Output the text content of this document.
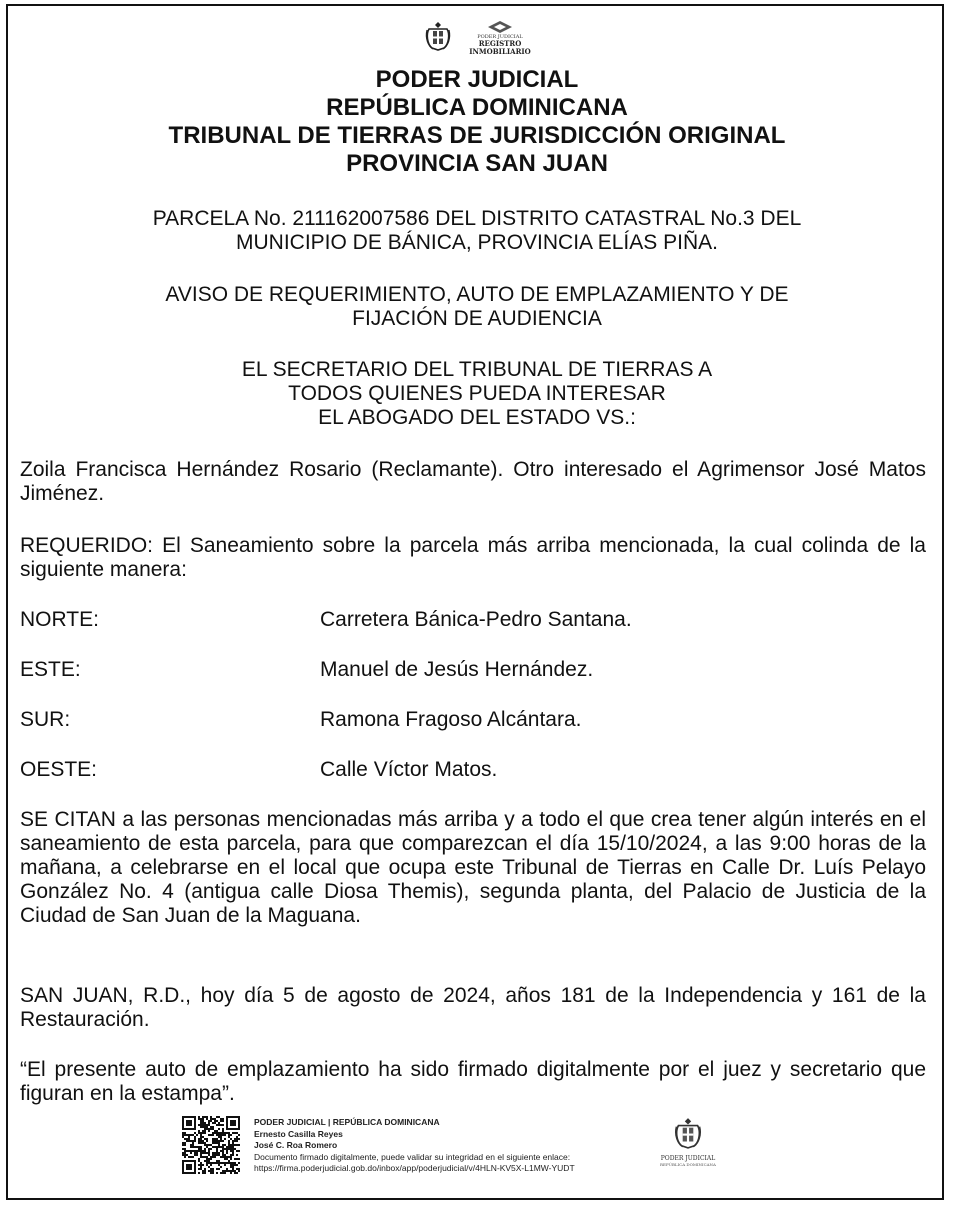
PODER JUDICIAL
REGISTRO
INMOBILIARIO
PODER JUDICIAL
REPÚBLICA DOMINICANA
TRIBUNAL DE TIERRAS DE JURISDICCIÓN ORIGINAL
PROVINCIA SAN JUAN
PARCELA No. 211162007586 DEL DISTRITO CATASTRAL No.3 DEL
MUNICIPIO DE BÁNICA, PROVINCIA ELÍAS PIÑA.
AVISO DE REQUERIMIENTO, AUTO DE EMPLAZAMIENTO Y DE
FIJACIÓN DE AUDIENCIA
EL SECRETARIO DEL TRIBUNAL DE TIERRAS A
TODOS QUIENES PUEDA INTERESAR
EL ABOGADO DEL ESTADO VS.:
Zoila Francisca Hernández Rosario (Reclamante). Otro interesado el Agrimensor José Matos Jiménez.
REQUERIDO: El Saneamiento sobre la parcela más arriba mencionada, la cual colinda de la siguiente manera:
NORTE:	Carretera Bánica-Pedro Santana.
ESTE:	Manuel de Jesús Hernández.
SUR:	Ramona Fragoso Alcántara.
OESTE:	Calle Víctor Matos.
SE CITAN a las personas mencionadas más arriba y a todo el que crea tener algún interés en el saneamiento de esta parcela, para que comparezcan el día 15/10/2024, a las 9:00 horas de la mañana, a celebrarse en el local que ocupa este Tribunal de Tierras en Calle Dr. Luís Pelayo González No. 4 (antigua calle Diosa Themis), segunda planta, del Palacio de Justicia de la Ciudad de San Juan de la Maguana.
SAN JUAN, R.D., hoy día 5 de agosto de 2024, años 181 de la Independencia y 161 de la Restauración.
“El presente auto de emplazamiento ha sido firmado digitalmente por el juez y secretario que figuran en la estampa”.
PODER JUDICIAL | REPÚBLICA DOMINICANA
Ernesto Casilla Reyes
José C. Roa Romero
Documento firmado digitalmente, puede validar su integridad en el siguiente enlace:
https://firma.poderjudicial.gob.do/inbox/app/poderjudicial/v/4HLN-KV5X-L1MW-YUDT
PODER JUDICIAL
REPÚBLICA DOMINICANA
